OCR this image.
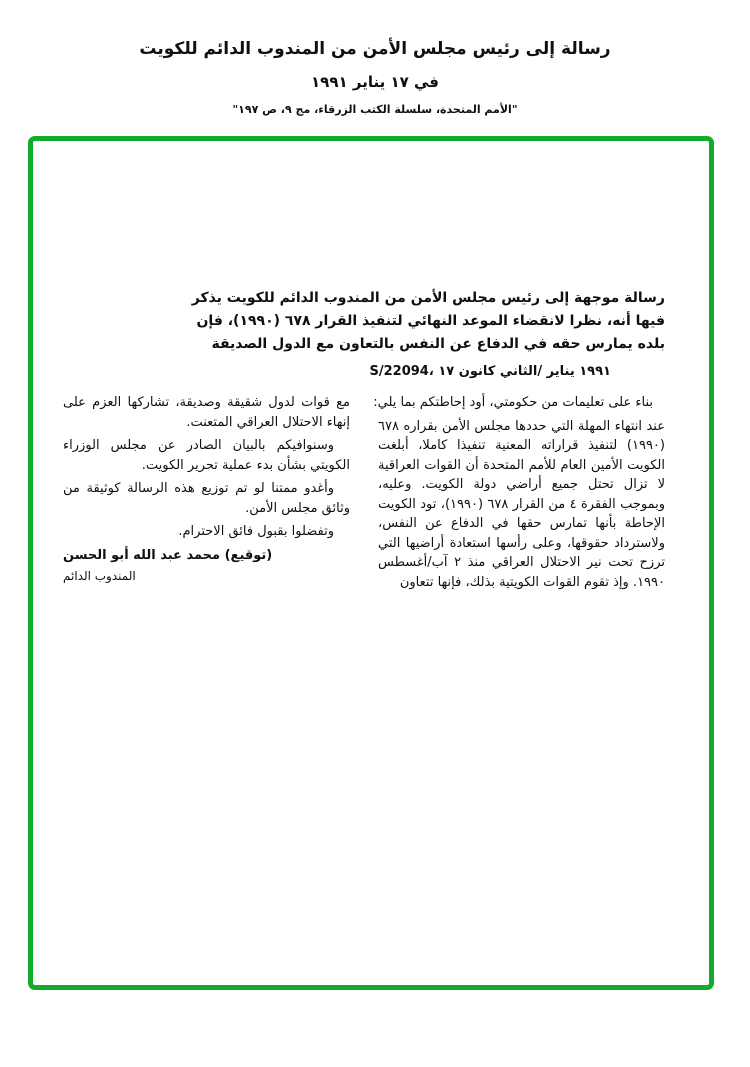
رسالة إلى رئيس مجلس الأمن من المندوب الدائم للكويت
في ١٧ يناير ١٩٩١
"الأمم المتحدة، سلسلة الكتب الزرقاء، مج ٩، ص ١٩٧"
رسالة موجهة إلى رئيس مجلس الأمن من المندوب الدائم للكويت يذكر
فيها أنه، نظرا لانقضاء الموعد النهائي لتنفيذ القرار ٦٧٨ (١٩٩٠)، فإن
بلده يمارس حقه في الدفاع عن النفس بالتعاون مع الدول الصديقة
S/22094،‎ ١٧‎ كانون‎ الثاني/‎ يناير‎ ١٩٩١

بناء على تعليمات من حكومتي، أود إحاطتكم بما يلي:

عند انتهاء المهلة التي حددها مجلس الأمن بقراره ٦٧٨ (١٩٩٠) لتنفيذ قراراته المعنية تنفيذا كاملا، أبلغت الكويت الأمين العام للأمم المتحدة أن القوات العراقية لا تزال تحتل جميع أراضي دولة الكويت. وعليه، وبموجب الفقرة ٤ من القرار ٦٧٨ (١٩٩٠)، تود الكويت الإحاطة بأنها تمارس حقها في الدفاع عن النفس، ولاسترداد حقوقها، وعلى رأسها استعادة أراضيها التي ترزح تحت نير الاحتلال العراقي منذ ٢ آب/أغسطس ١٩٩٠. وإذ تقوم القوات الكويتية بذلك، فإنها تتعاون

مع قوات لدول شقيقة وصديقة، تشاركها العزم على إنهاء الاحتلال العراقي المتعنت.

وسنوافيكم بالبيان الصادر عن مجلس الوزراء الكويتي بشأن بدء عملية تحرير الكويت.

وأغدو ممتنا لو تم توزيع هذه الرسالة كوثيقة من وثائق مجلس الأمن.

وتفضلوا بقبول فائق الاحترام.

(توقيع) محمد عبد الله أبو الحسن
المندوب الدائم
